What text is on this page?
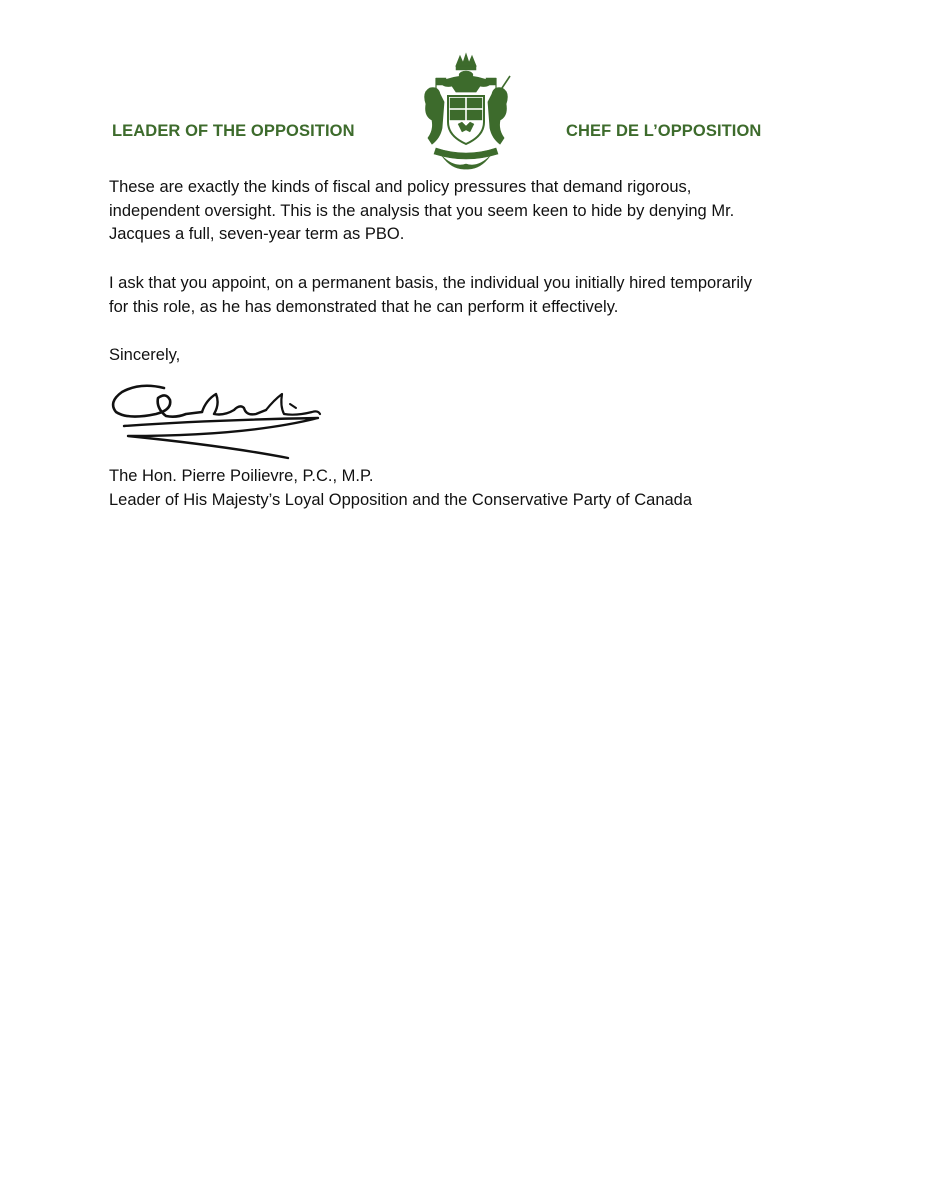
LEADER OF THE OPPOSITION	CHEF DE L’OPPOSITION
These are exactly the kinds of fiscal and policy pressures that demand rigorous,
independent oversight. This is the analysis that you seem keen to hide by denying Mr.
Jacques a full, seven-year term as PBO.
I ask that you appoint, on a permanent basis, the individual you initially hired temporarily
for this role, as he has demonstrated that he can perform it effectively.
Sincerely,
The Hon. Pierre Poilievre, P.C., M.P.
Leader of His Majesty’s Loyal Opposition and the Conservative Party of Canada
